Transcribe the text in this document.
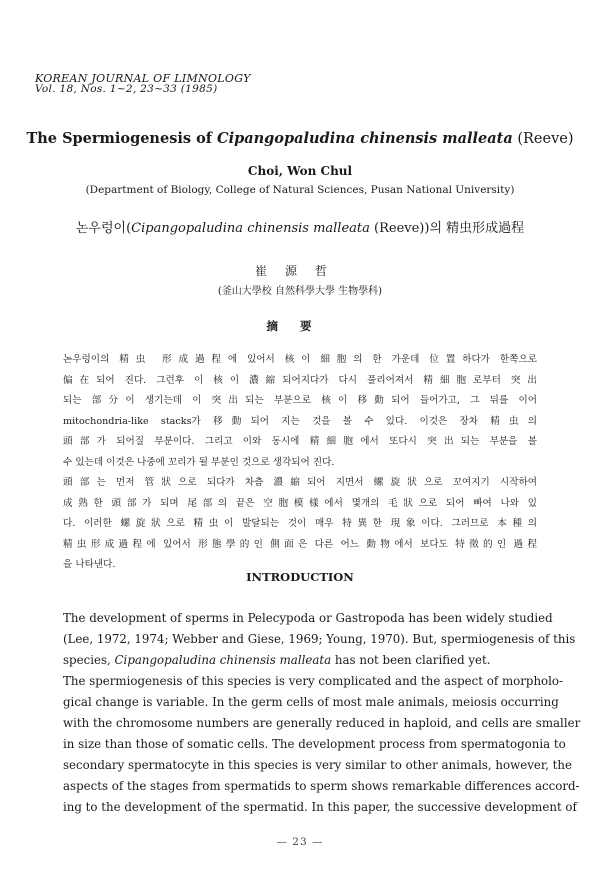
KOREAN JOURNAL OF LIMNOLOGY
Vol. 18, Nos. 1~2, 23~33 (1985)
The Spermiogenesis of Cipangopaludina chinensis malleata (Reeve)
Choi, Won Chul
(Department of Biology, College of Natural Sciences, Pusan National University)
논우렁이(Cipangopaludina chinensis malleata (Reeve))의 精虫形成過程
崔源哲
(釜山大學校 自然科學大學 生物學科)
摘要

논우렁이의 精虫 形成過程에 있어서 核이 細胞의 한 가운데 位置하다가 한쪽으로

偏在되어 진다. 그런후 이 核이 濃縮되어지다가 다시 풀리어져서 精細胞로부터 突出

되는 部分이 생기는데 이 突出되는 부분으로 核이 移動되어 들어가고, 그 뒤를 이어

mitochondria-like stacks가 移動되어 지는 것을 볼 수 있다. 이것은 장차 精虫의

頭部가 되어질 부분이다. 그리고 이와 동시에 精細胞에서 또다시 突出되는 부분을 볼

수 있는데 이것은 나중에 꼬리가 될 부분인 것으로 생각되어 진다.

頭部는 먼저 管狀으로 되다가 차츰 濃縮되어 지면서 螺旋狀으로 꼬여지기 시작하여

成熟한 頭部가 되며 尾部의 끝은 空胞模樣에서 몇개의 毛狀으로 되어 빠여 나와 있

다. 이러한 螺旋狀으로 精虫이 발달되는 것이 매우 特異한 現象이다. 그러므로 本種의

精虫形成過程에 있어서 形態學的인 側面은 다른 어느 動物에서 보다도 特徵的인 過程

을 나타낸다.

INTRODUCTION

The development of sperms in Pelecypoda or Gastropoda has been widely studied

(Lee, 1972, 1974; Webber and Giese, 1969; Young, 1970). But, spermiogenesis of this

species, Cipangopaludina chinensis malleata has not been clarified yet.

The spermiogenesis of this species is very complicated and the aspect of morpholo-

gical change is variable. In the germ cells of most male animals, meiosis occurring

with the chromosome numbers are generally reduced in haploid, and cells are smaller

in size than those of somatic cells. The development process from spermatogonia to

secondary spermatocyte in this species is very similar to other animals, however, the

aspects of the stages from spermatids to sperm shows remarkable differences accord-

ing to the development of the spermatid. In this paper, the successive development of

— 23 —
